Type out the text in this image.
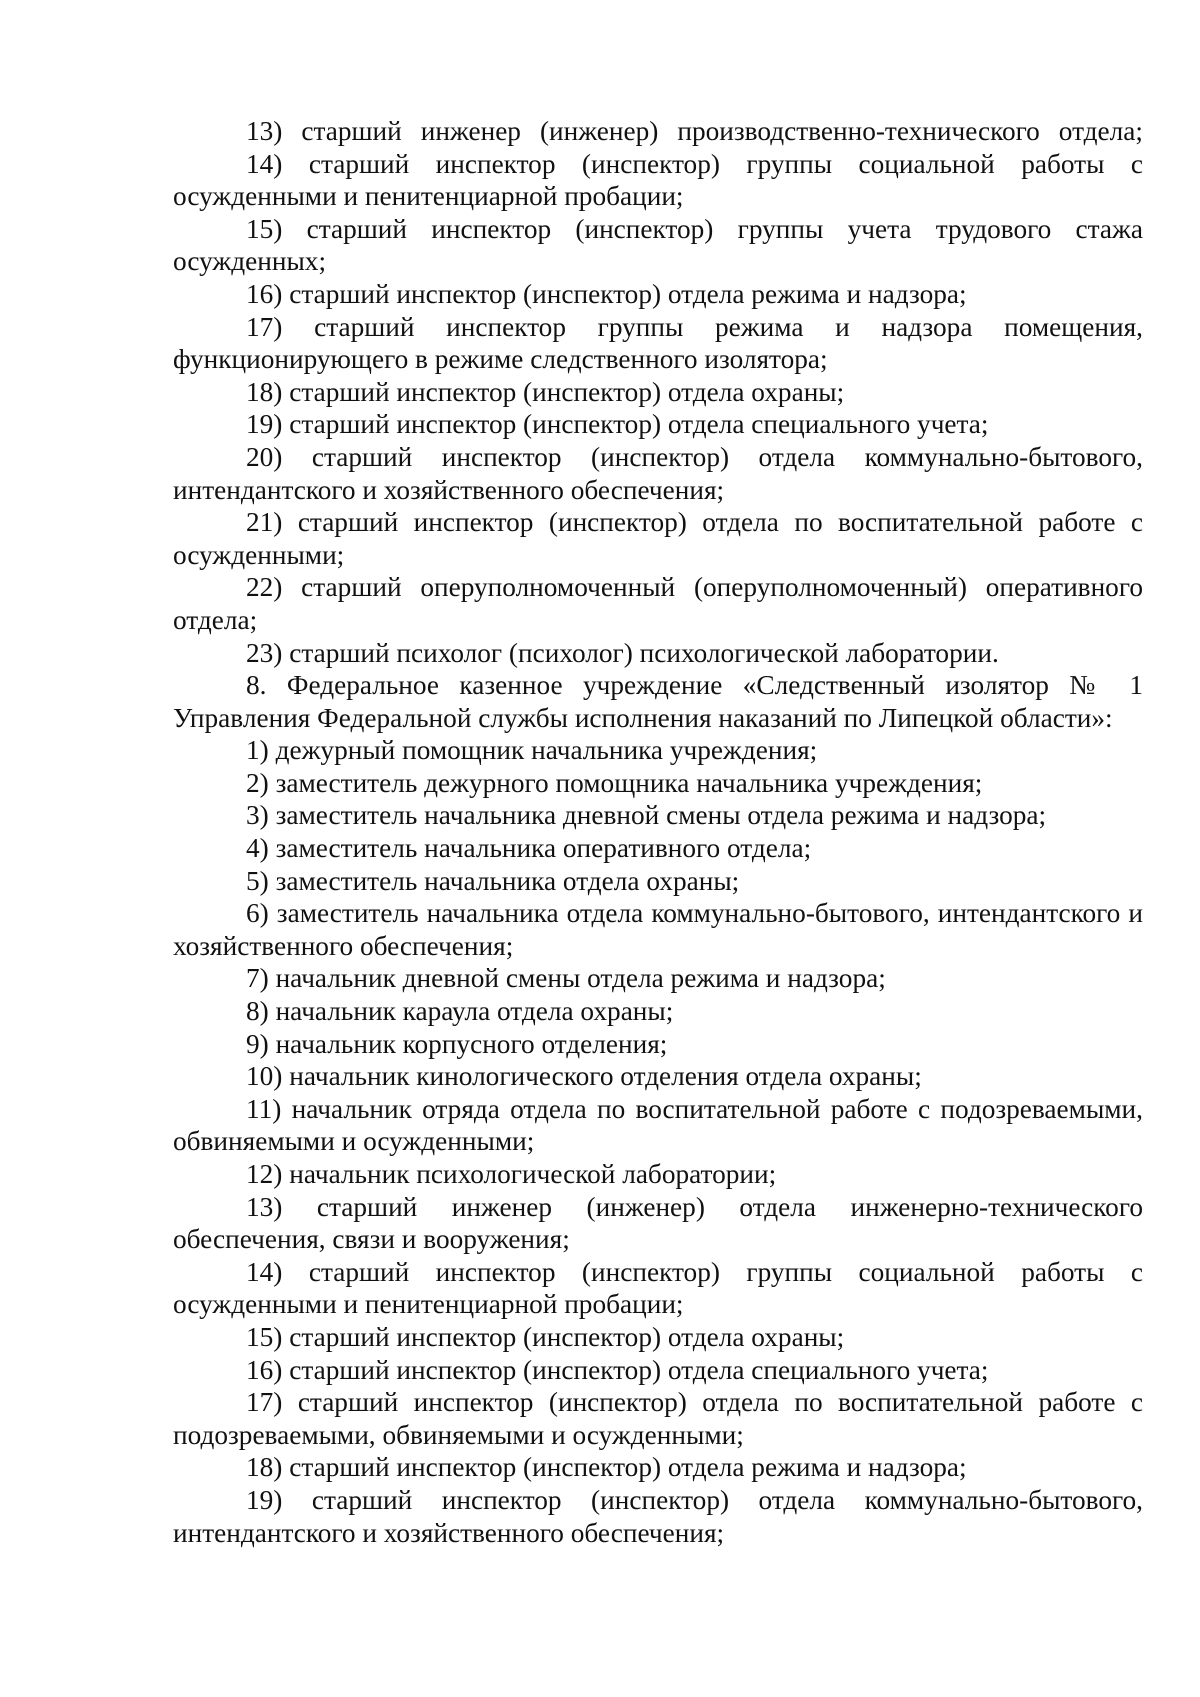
13) старший инженер (инженер) производственно-технического отдела;

14) старший инспектор (инспектор) группы социальной работы с осужденными и пенитенциарной пробации;

15) старший инспектор (инспектор) группы учета трудового стажа осужденных;

16) старший инспектор (инспектор) отдела режима и надзора;

17) старший инспектор группы режима и надзора помещения, функционирующего в режиме следственного изолятора;

18) старший инспектор (инспектор) отдела охраны;

19) старший инспектор (инспектор) отдела специального учета;

20) старший инспектор (инспектор) отдела коммунально-бытового, интендантского и хозяйственного обеспечения;

21) старший инспектор (инспектор) отдела по воспитательной работе с осужденными;

22) старший оперуполномоченный (оперуполномоченный) оперативного отдела;

23) старший психолог (психолог) психологической лаборатории.

8. Федеральное казенное учреждение «Следственный изолятор № 1 Управления Федеральной службы исполнения наказаний по Липецкой области»:

1) дежурный помощник начальника учреждения;

2) заместитель дежурного помощника начальника учреждения;

3) заместитель начальника дневной смены отдела режима и надзора;

4) заместитель начальника оперативного отдела;

5) заместитель начальника отдела охраны;

6) заместитель начальника отдела коммунально-бытового, интендантского и хозяйственного обеспечения;

7) начальник дневной смены отдела режима и надзора;

8) начальник караула отдела охраны;

9) начальник корпусного отделения;

10) начальник кинологического отделения отдела охраны;

11) начальник отряда отдела по воспитательной работе с подозреваемыми, обвиняемыми и осужденными;

12) начальник психологической лаборатории;

13) старший инженер (инженер) отдела инженерно-технического обеспечения, связи и вооружения;

14) старший инспектор (инспектор) группы социальной работы с осужденными и пенитенциарной пробации;

15) старший инспектор (инспектор) отдела охраны;

16) старший инспектор (инспектор) отдела специального учета;

17) старший инспектор (инспектор) отдела по воспитательной работе с подозреваемыми, обвиняемыми и осужденными;

18) старший инспектор (инспектор) отдела режима и надзора;

19) старший инспектор (инспектор) отдела коммунально-бытового, интендантского и хозяйственного обеспечения;
